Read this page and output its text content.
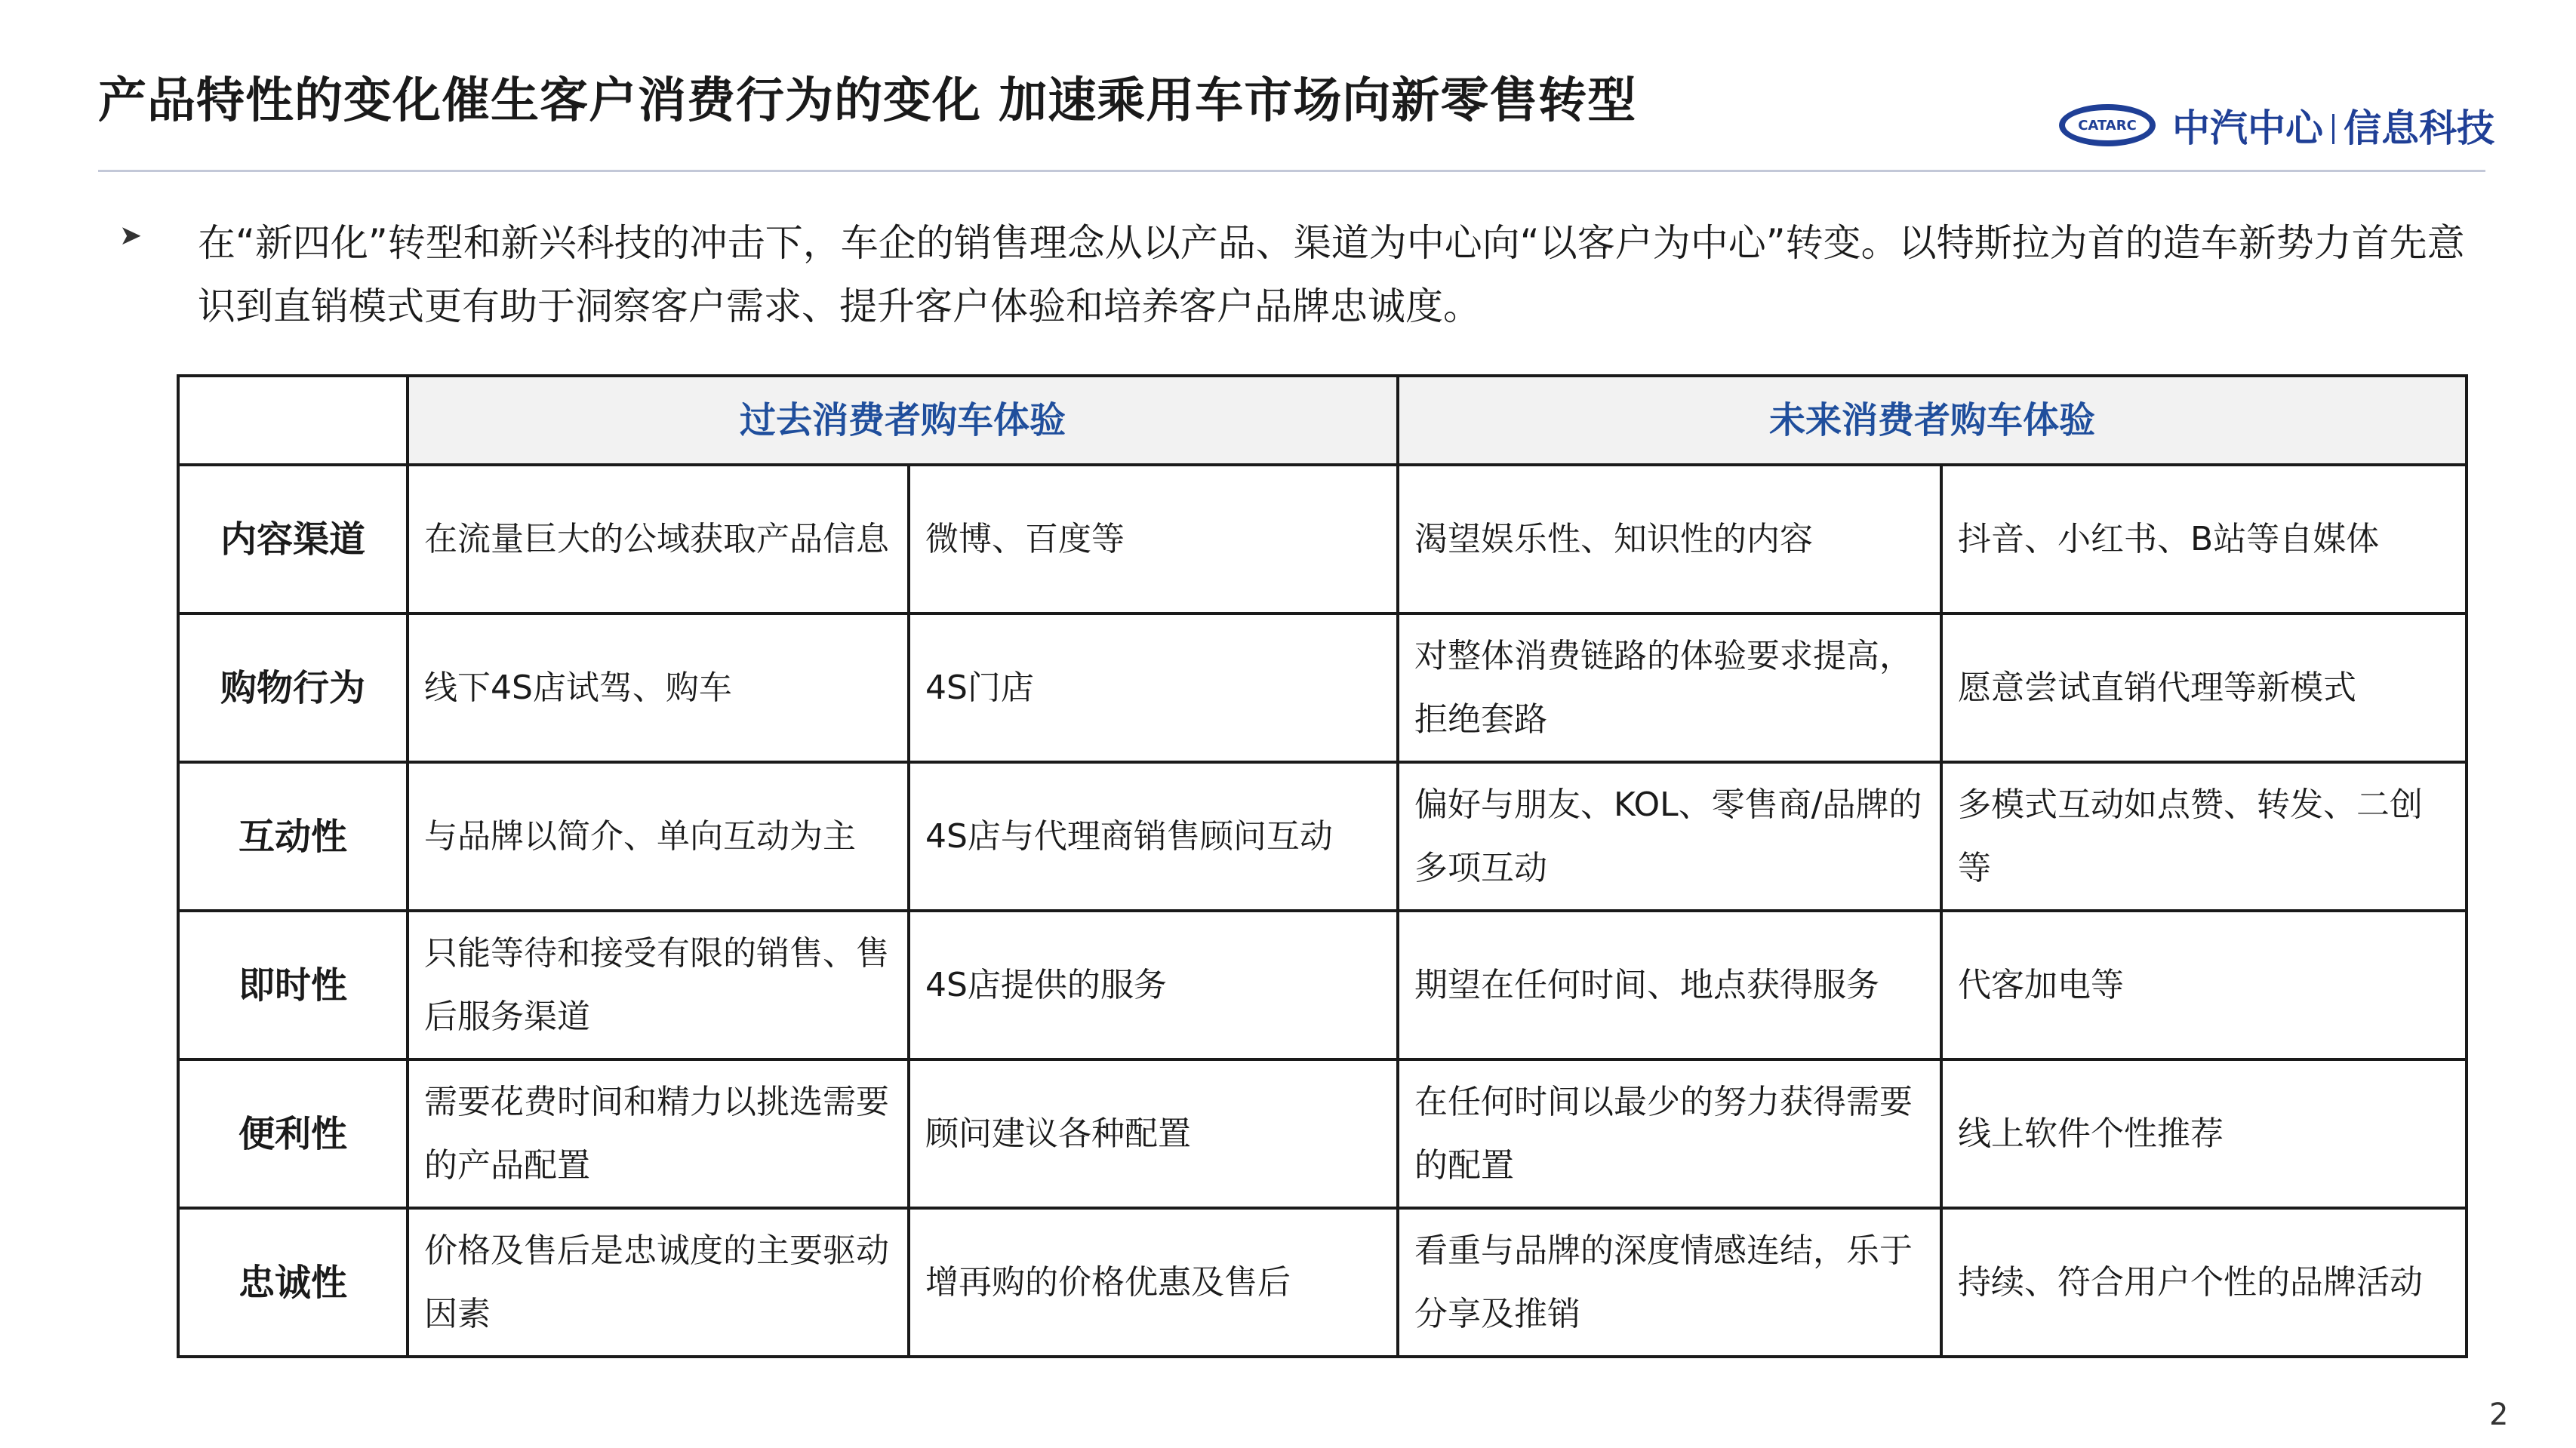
产品特性的变化催生客户消费行为的变化 加速乘用车市场向新零售转型	CATARC 中汽中心 信息科技
➤ 在“新四化”转型和新兴科技的冲击下，车企的销售理念从以产品、渠道为中心向“以客户为中心”转变。以特斯拉为首的造车新势力首先意识到直销模式更有助于洞察客户需求、提升客户体验和培养客户品牌忠诚度。
	过去消费者购车体验		未来消费者购车体验	
内容渠道	在流量巨大的公域获取产品信息	微博、百度等	渴望娱乐性、知识性的内容	抖音、小红书、B站等自媒体
购物行为	线下4S店试驾、购车	4S门店	对整体消费链路的体验要求提高，拒绝套路	愿意尝试直销代理等新模式
互动性	与品牌以简介、单向互动为主	4S店与代理商销售顾问互动	偏好与朋友、KOL、零售商/品牌的多项互动	多模式互动如点赞、转发、二创等
即时性	只能等待和接受有限的销售、售后服务渠道	4S店提供的服务	期望在任何时间、地点获得服务	代客加电等
便利性	需要花费时间和精力以挑选需要的产品配置	顾问建议各种配置	在任何时间以最少的努力获得需要的配置	线上软件个性推荐
忠诚性	价格及售后是忠诚度的主要驱动因素	增再购的价格优惠及售后	看重与品牌的深度情感连结，乐于分享及推销	持续、符合用户个性的品牌活动
2
